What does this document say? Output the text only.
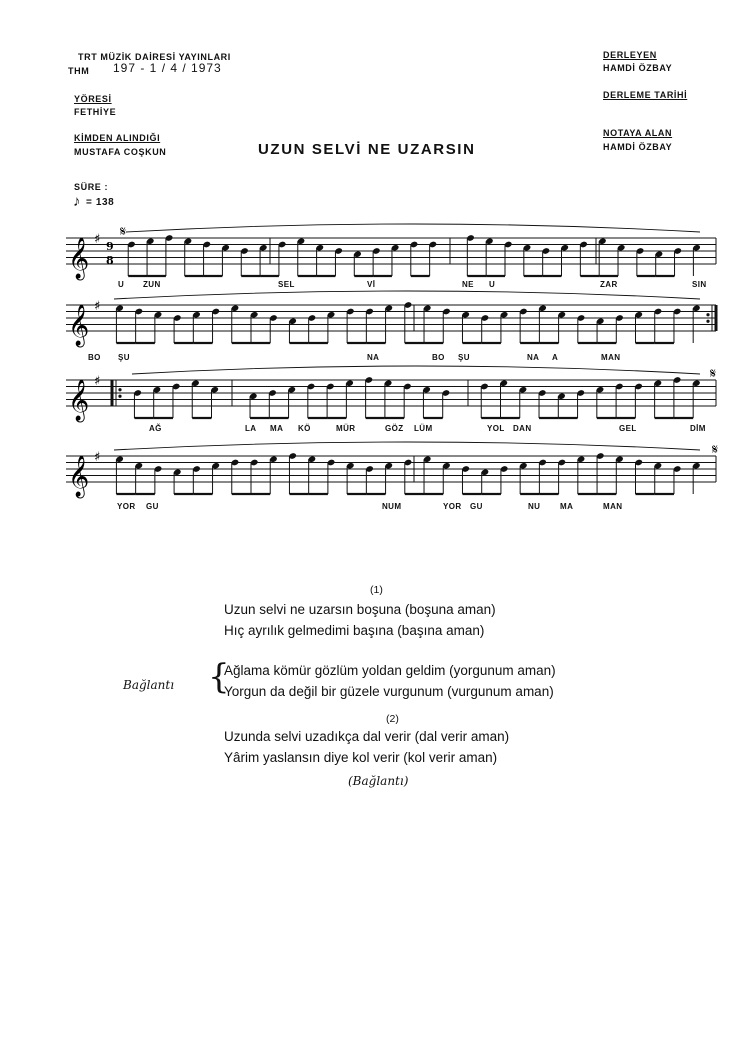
TRT MÜZİK DAİRESİ YAYINLARI
THM 197 - 1 / 4 / 1973
YÖRESİ
FETHİYE
KİMDEN ALINDIĞI
MUSTAFA COŞKUN
DERLEYEN
HAMDİ ÖZBAY
DERLEME TARİHİ
NOTAYA ALAN
HAMDİ ÖZBAY
UZUN SELVİ NE UZARSIN
SÜRE :
♪ = 138
𝄞 ♯ 9
8
𝄋
U ZUN	SEL	Vİ	NE U	ZAR	SIN
𝄞 ♯
BO ŞU	NA	BO ŞU	NA A	MAN
𝄞 ♯	𝄋
AĞ	LA MA KÖ	MÜR	GÖZ LÜM	YOL DAN	GEL	DİM
𝄞 ♯	𝄋
YOR GU	NUM	YOR GU	NU MA	MAN
(1)
Uzun selvi ne uzarsın boşuna (boşuna aman)
Hıç ayrılık gelmedimi başına (başına aman)
Bağlantı {
Ağlama kömür gözlüm yoldan geldim (yorgunum aman)
Yorgun da değil bir güzele vurgunum (vurgunum aman)
(2)
Uzunda selvi uzadıkça dal verir (dal verir aman)
Yârim yaslansın diye kol verir (kol verir aman)
(Bağlantı)
